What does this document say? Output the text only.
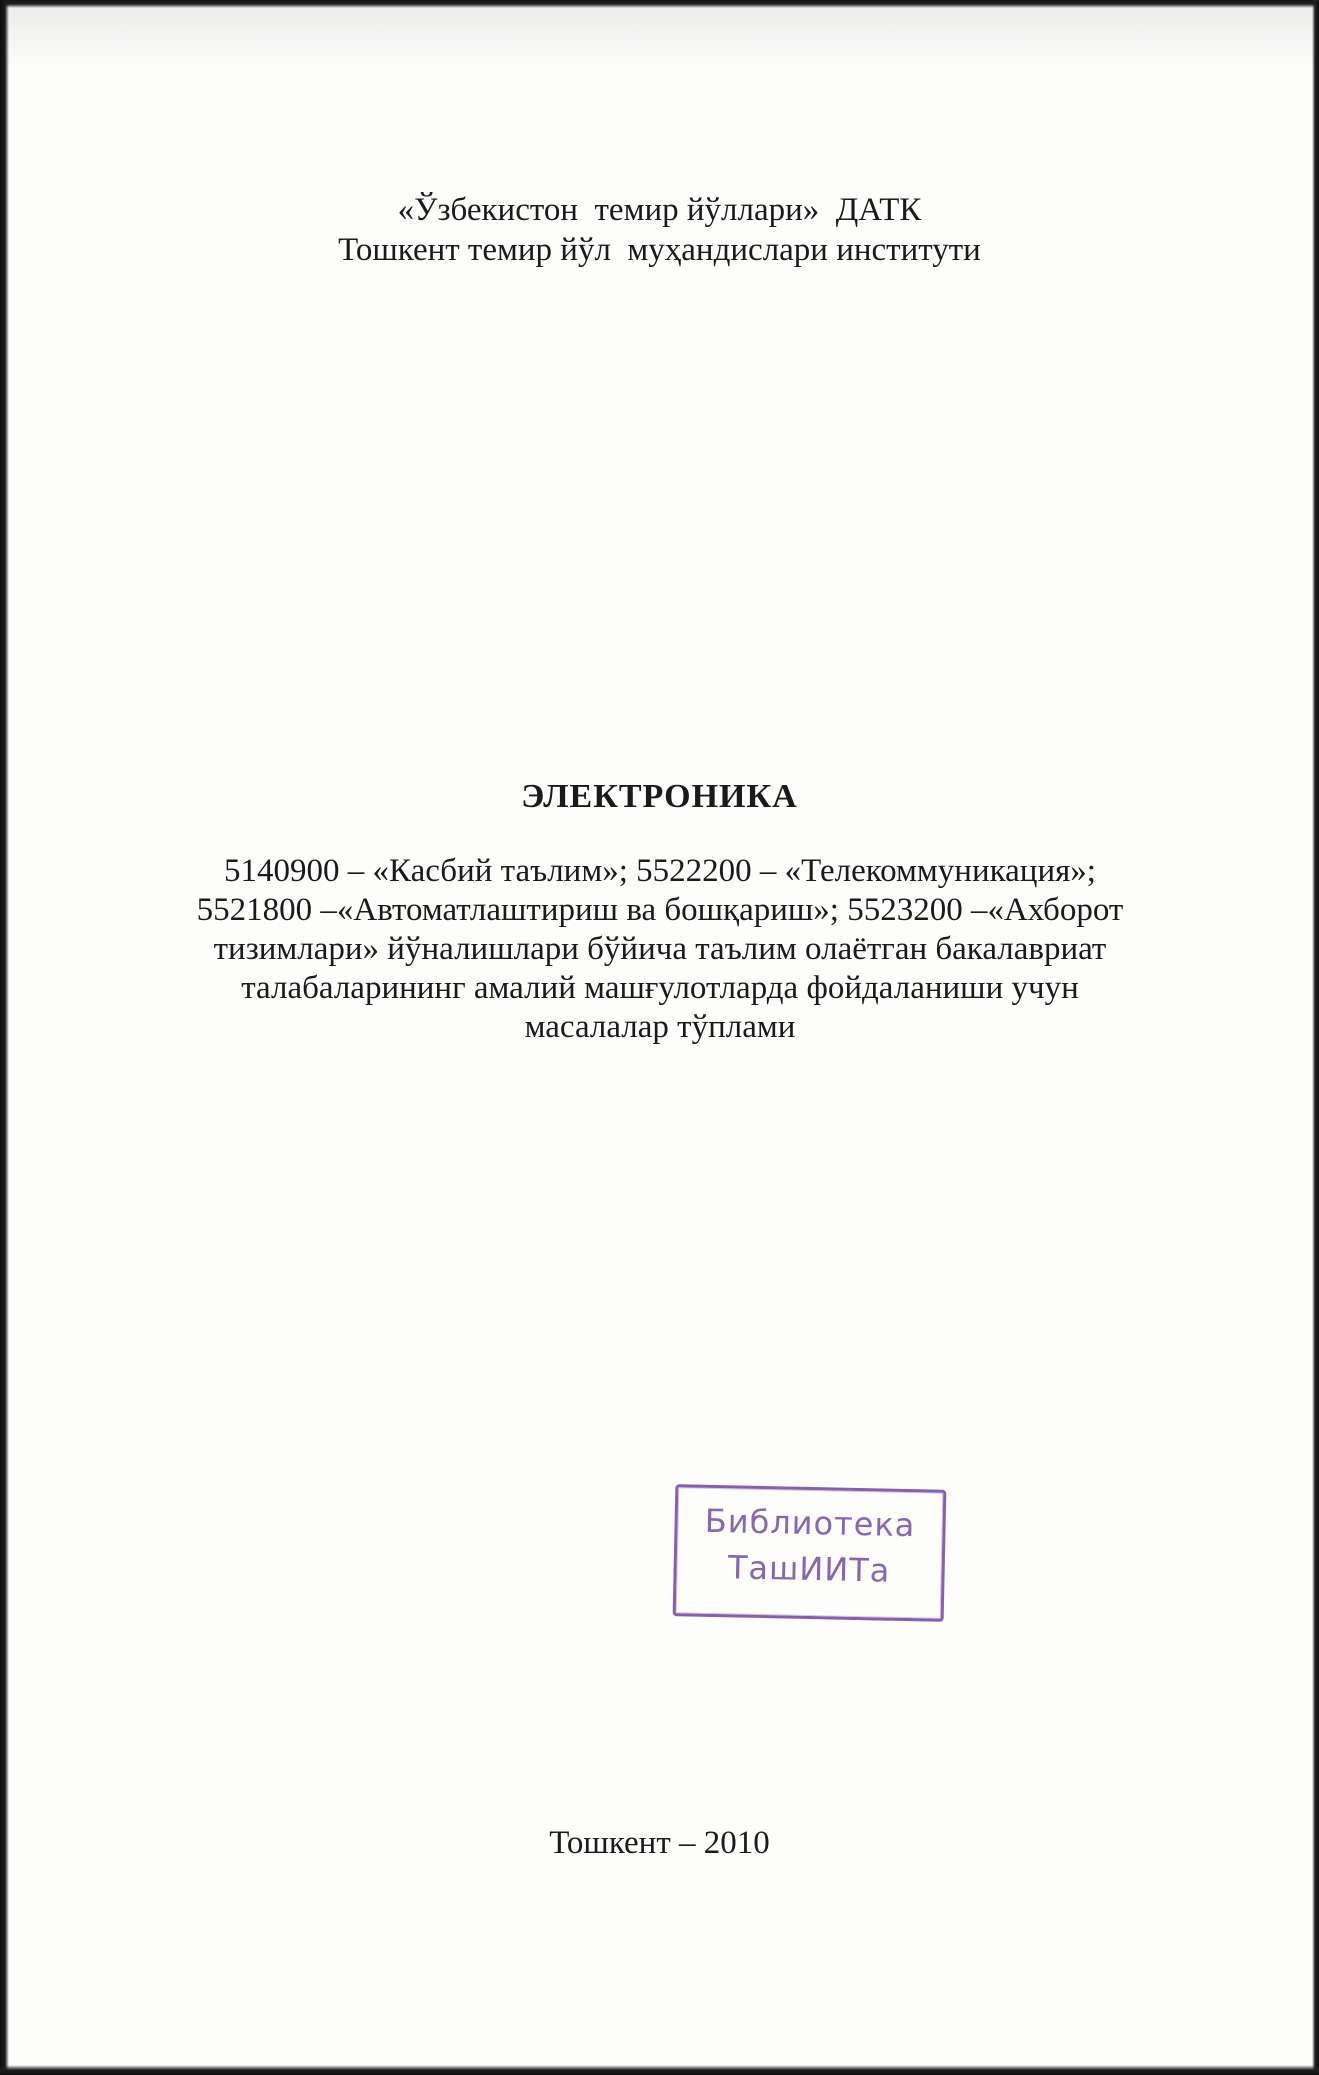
«Ўзбекистон  темир йўллари»  ДАТК
Тошкент темир йўл  муҳандислари институти
ЭЛЕКТРОНИКА
5140900 – «Касбий таълим»; 5522200 – «Телекоммуникация»;
5521800 –«Автоматлаштириш ва бошқариш»; 5523200 –«Ахборот
тизимлари» йўналишлари бўйича таълим олаётган бакалавриат
талабаларининг амалий машғулотларда фойдаланиши учун
масалалар тўплами
Библиотека
ТашИИТа
Тошкент – 2010
